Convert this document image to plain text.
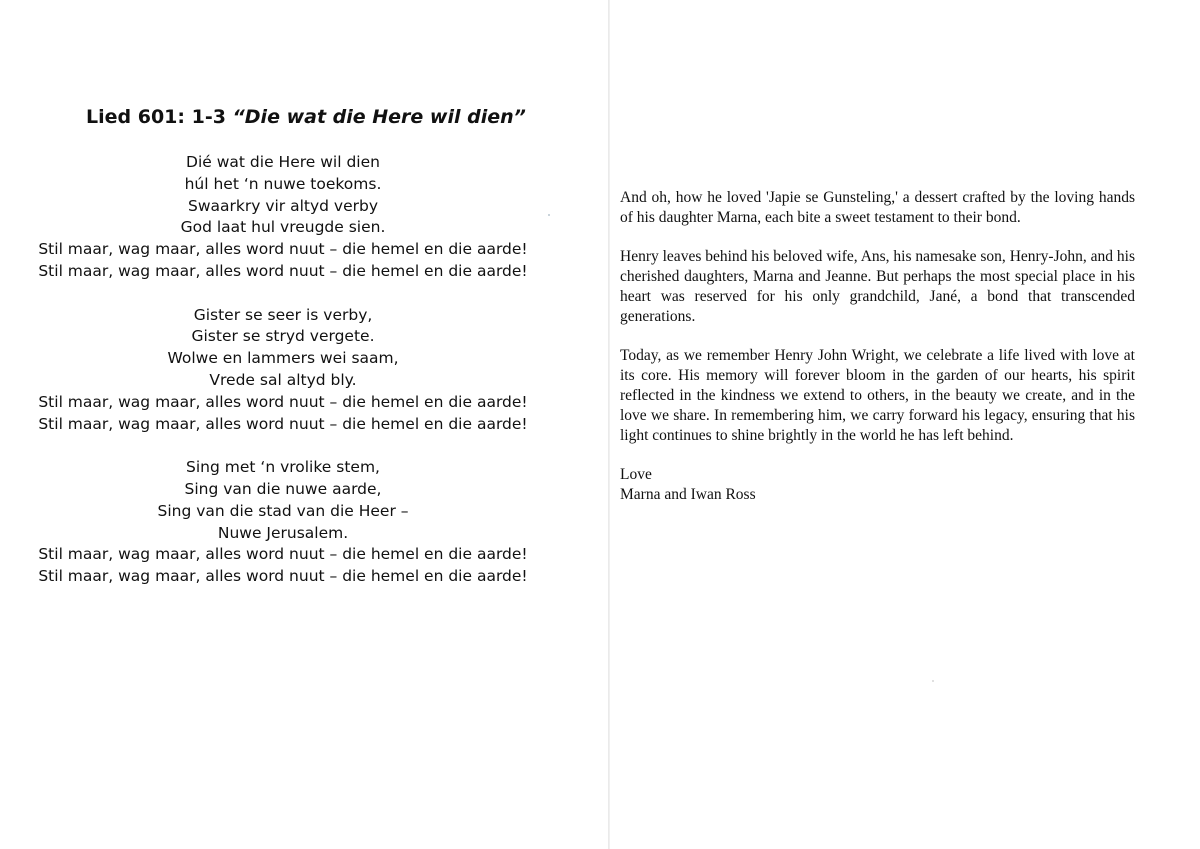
Lied 601: 1-3 “Die wat die Here wil dien”
Dié wat die Here wil dien
húl het ‘n nuwe toekoms.
Swaarkry vir altyd verby
God laat hul vreugde sien.
Stil maar, wag maar, alles word nuut – die hemel en die aarde!
Stil maar, wag maar, alles word nuut – die hemel en die aarde!
Gister se seer is verby,
Gister se stryd vergete.
Wolwe en lammers wei saam,
Vrede sal altyd bly.
Stil maar, wag maar, alles word nuut – die hemel en die aarde!
Stil maar, wag maar, alles word nuut – die hemel en die aarde!
Sing met ‘n vrolike stem,
Sing van die nuwe aarde,
Sing van die stad van die Heer –
Nuwe Jerusalem.
Stil maar, wag maar, alles word nuut – die hemel en die aarde!
Stil maar, wag maar, alles word nuut – die hemel en die aarde!

And oh, how he loved 'Japie se Gunsteling,' a dessert crafted by the loving hands of his daughter Marna, each bite a sweet testament to their bond.

Henry leaves behind his beloved wife, Ans, his namesake son, Henry-John, and his cherished daughters, Marna and Jeanne. But perhaps the most special place in his heart was reserved for his only grandchild, Jané, a bond that transcended generations.

Today, as we remember Henry John Wright, we celebrate a life lived with love at its core. His memory will forever bloom in the garden of our hearts, his spirit reflected in the kindness we extend to others, in the beauty we create, and in the love we share. In remembering him, we carry forward his legacy, ensuring that his light continues to shine brightly in the world he has left behind.

Love
Marna and Iwan Ross
